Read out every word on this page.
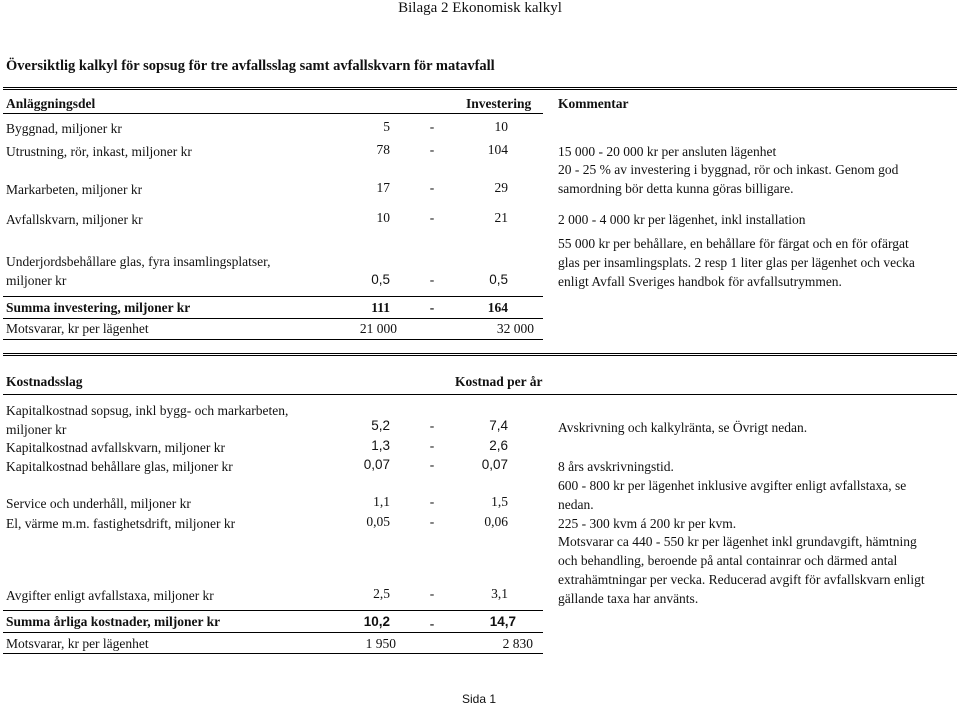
Bilaga 2 Ekonomisk kalkyl
Översiktlig kalkyl för sopsug för tre avfallsslag samt avfallskvarn för matavfall
Anläggningsdel	Investering Kommentar
Byggnad, miljoner kr	5	-	10
Utrustning, rör, inkast, miljoner kr	78	-	104	15 000 - 20 000 kr per ansluten lägenhet
Markarbeten, miljoner kr	17	-	29
20 - 25 % av investering i byggnad, rör och inkast. Genom god
samordning bör detta kunna göras billigare.
Avfallskvarn, miljoner kr	10	-	21	2 000 - 4 000 kr per lägenhet, inkl installation
Underjordsbehållare glas, fyra insamlingsplatser,
miljoner kr	0,5	-	0,5
55 000 kr per behållare, en behållare för färgat och en för ofärgat
glas per insamlingsplats. 2 resp 1 liter glas per lägenhet och vecka
enligt Avfall Sveriges handbok för avfallsutrymmen.
Summa investering, miljoner kr	111	-	164
Motsvarar, kr per lägenhet	21 000	32 000
Kostnadsslag	Kostnad per år
Kapitalkostnad sopsug, inkl bygg- och markarbeten,
miljoner kr	5,2	-	7,4	Avskrivning och kalkylränta, se Övrigt nedan.
Kapitalkostnad avfallskvarn, miljoner kr	1,3	-	2,6
Kapitalkostnad behållare glas, miljoner kr	0,07	-	0,07	8 års avskrivningstid.
Service och underhåll, miljoner kr	1,1	-	1,5
600 - 800 kr per lägenhet inklusive avgifter enligt avfallstaxa, se
nedan.
El, värme m.m. fastighetsdrift, miljoner kr	0,05	-	0,06	225 - 300 kvm á 200 kr per kvm.
Avgifter enligt avfallstaxa, miljoner kr	2,5	-	3,1
Motsvarar ca 440 - 550 kr per lägenhet inkl grundavgift, hämtning
och behandling, beroende på antal containrar och därmed antal
extrahämtningar per vecka. Reducerad avgift för avfallskvarn enligt
gällande taxa har använts.
Summa årliga kostnader, miljoner kr	10,2	-	14,7
Motsvarar, kr per lägenhet	1 950	2 830
Sida 1
